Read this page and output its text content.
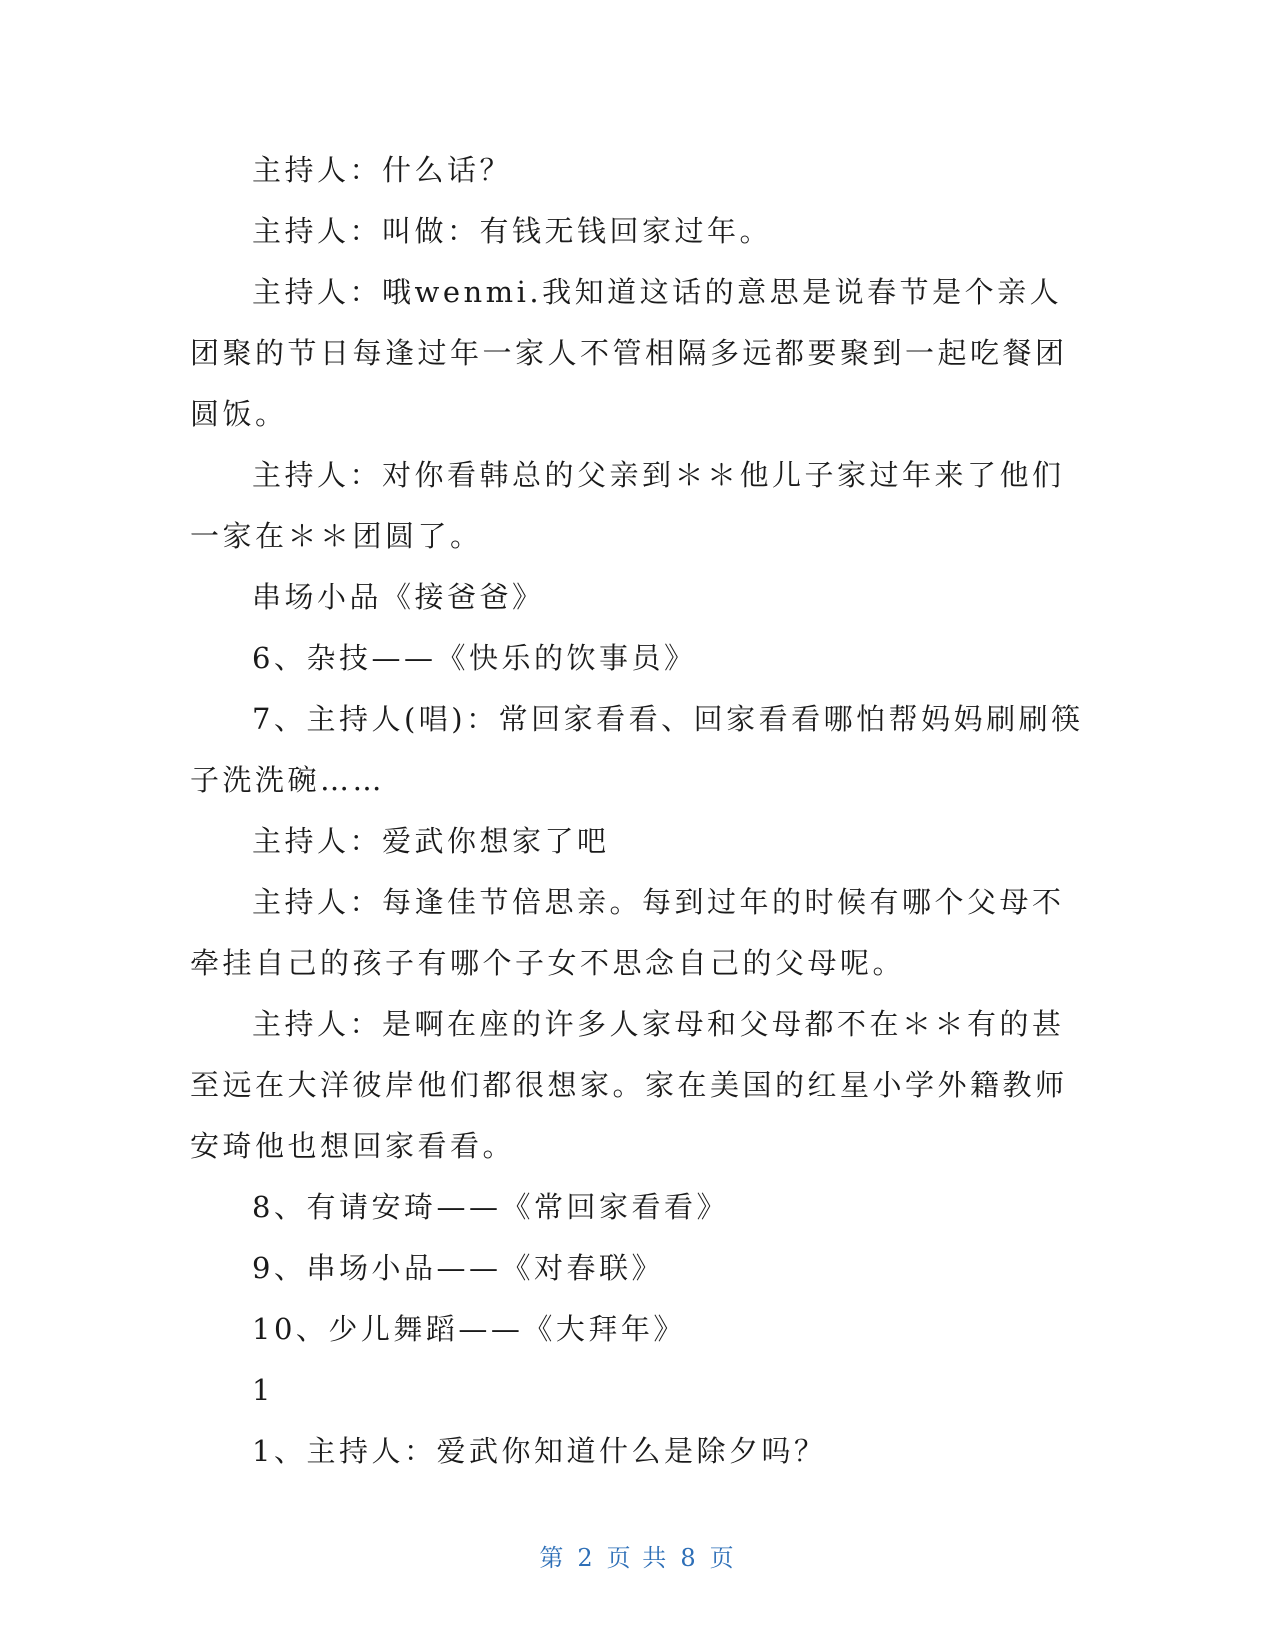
主持人：什么话？

主持人：叫做：有钱无钱回家过年。

主持人：哦wenmi.我知道这话的意思是说春节是个亲人团聚的节日每逢过年一家人不管相隔多远都要聚到一起吃餐团圆饭。

主持人：对你看韩总的父亲到＊＊他儿子家过年来了他们一家在＊＊团圆了。

串场小品《接爸爸》

6、杂技——《快乐的饮事员》

7、主持人(唱)：常回家看看、回家看看哪怕帮妈妈刷刷筷子洗洗碗……

主持人：爱武你想家了吧

主持人：每逢佳节倍思亲。每到过年的时候有哪个父母不牵挂自己的孩子有哪个子女不思念自己的父母呢。

主持人：是啊在座的许多人家母和父母都不在＊＊有的甚至远在大洋彼岸他们都很想家。家在美国的红星小学外籍教师安琦他也想回家看看。

8、有请安琦——《常回家看看》

9、串场小品——《对春联》

10、少儿舞蹈——《大拜年》

1

1、主持人：爱武你知道什么是除夕吗？

第 2 页 共 8 页
